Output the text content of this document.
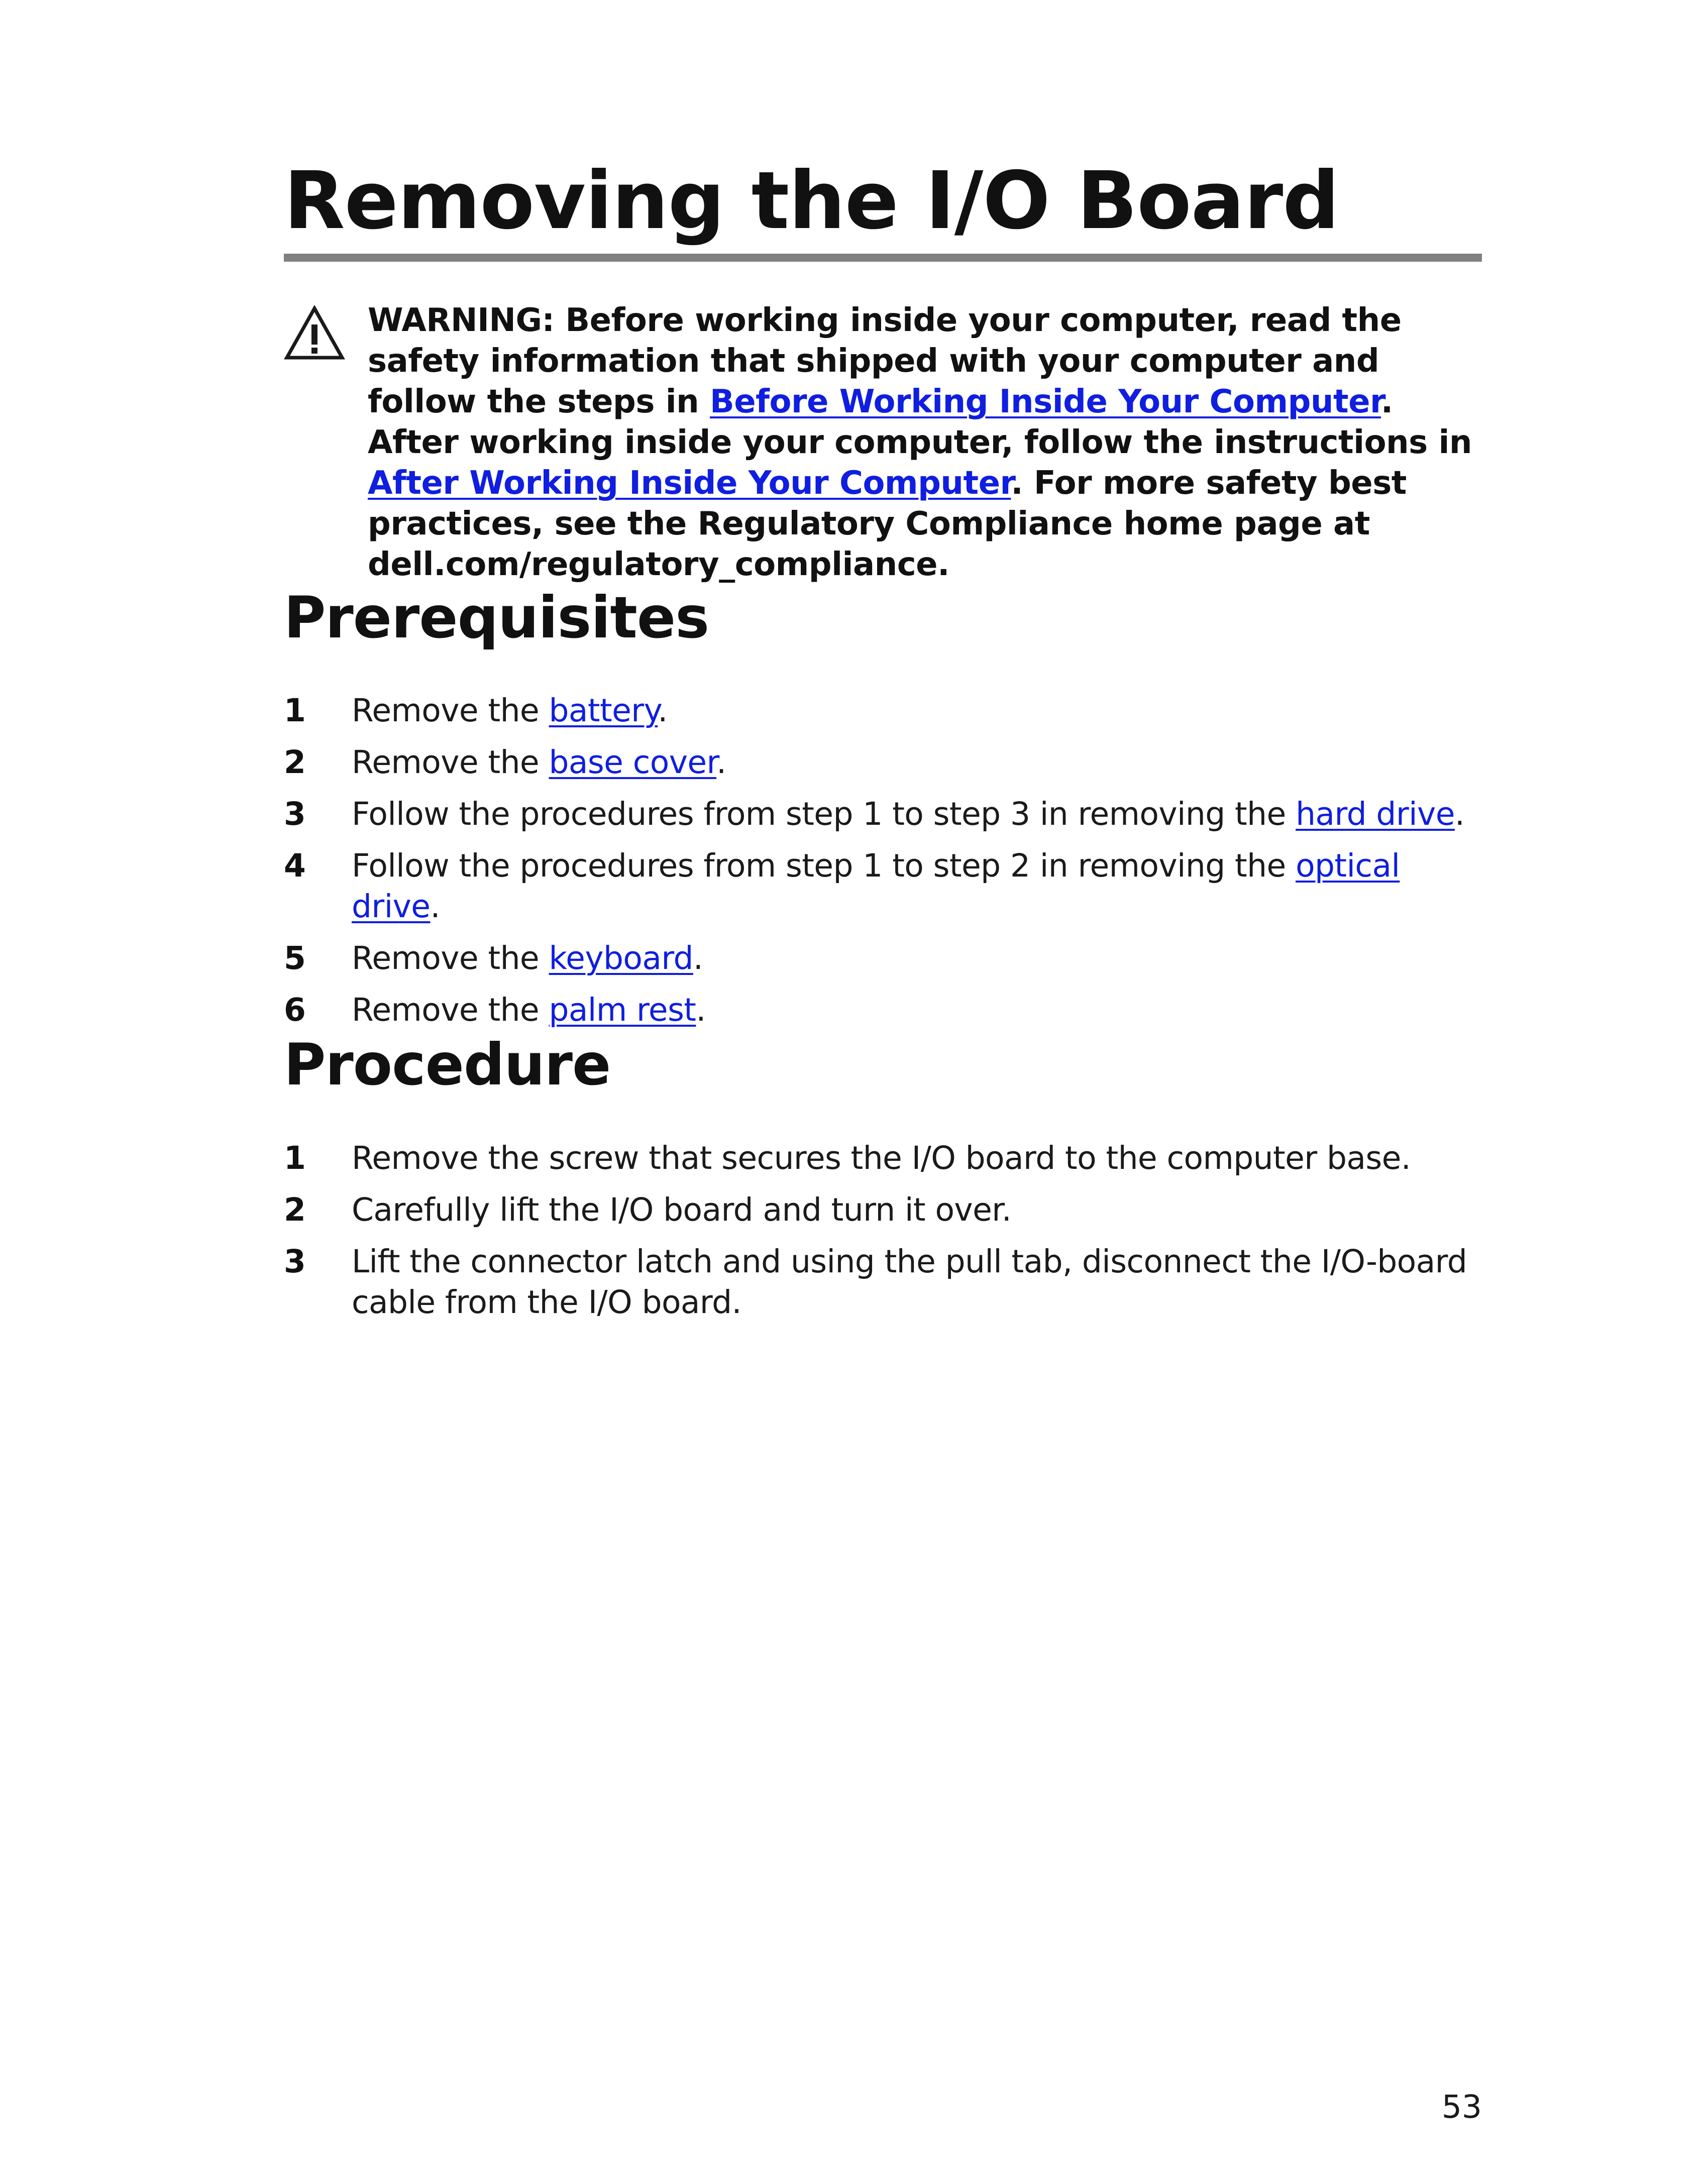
Removing the I/O Board

WARNING: Before working inside your computer, read the safety information that shipped with your computer and follow the steps in Before Working Inside Your Computer. After working inside your computer, follow the instructions in After Working Inside Your Computer. For more safety best practices, see the Regulatory Compliance home page at dell.com/regulatory_compliance.

Prerequisites
1 Remove the battery.
2 Remove the base cover.
3 Follow the procedures from step 1 to step 3 in removing the hard drive.
4 Follow the procedures from step 1 to step 2 in removing the optical drive.
5 Remove the keyboard.
6 Remove the palm rest.
Procedure
1 Remove the screw that secures the I/O board to the computer base.
2 Carefully lift the I/O board and turn it over.
3 Lift the connector latch and using the pull tab, disconnect the I/O-board cable from the I/O board.
53
